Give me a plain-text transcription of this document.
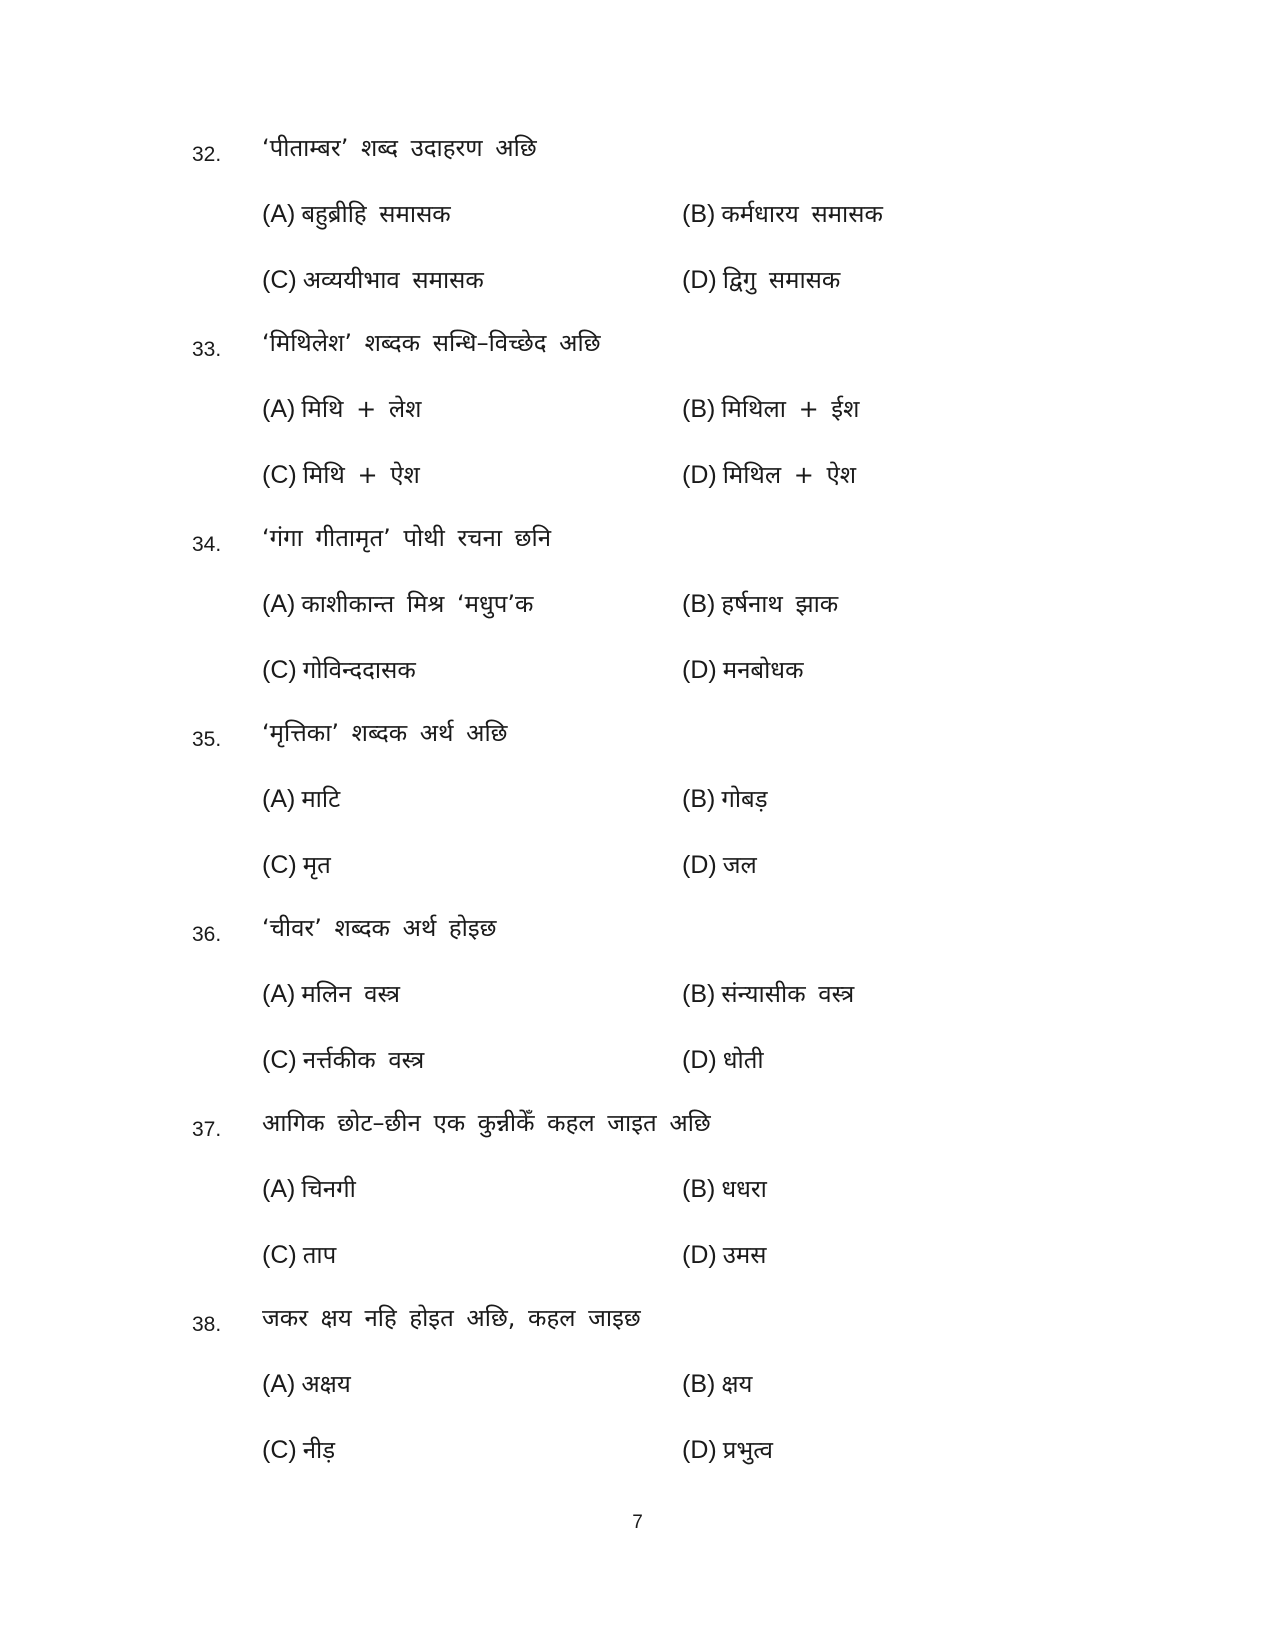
32. ‘पीताम्बर’ शब्द उदाहरण अछि
(A) बहुब्रीहि समासक	(B) कर्मधारय समासक
(C) अव्ययीभाव समासक	(D) द्विगु समासक
33. ‘मिथिलेश’ शब्दक सन्धि–विच्छेद अछि
(A) मिथि + लेश	(B) मिथिला + ईश
(C) मिथि + ऐश	(D) मिथिल + ऐश
34. ‘गंगा गीतामृत’ पोथी रचना छनि
(A) काशीकान्त मिश्र ‘मधुप’क	(B) हर्षनाथ झाक
(C) गोविन्ददासक	(D) मनबोधक
35. ‘मृत्तिका’ शब्दक अर्थ अछि
(A) माटि	(B) गोबड़
(C) मृत	(D) जल
36. ‘चीवर’ शब्दक अर्थ होइछ
(A) मलिन वस्त्र	(B) संन्यासीक वस्त्र
(C) नर्त्तकीक वस्त्र	(D) धोती
37. आगिक छोट–छीन एक कुन्नीकेँ कहल जाइत अछि
(A) चिनगी	(B) धधरा
(C) ताप	(D) उमस
38. जकर क्षय नहि होइत अछि, कहल जाइछ
(A) अक्षय	(B) क्षय
(C) नीड़	(D) प्रभुत्व
7
